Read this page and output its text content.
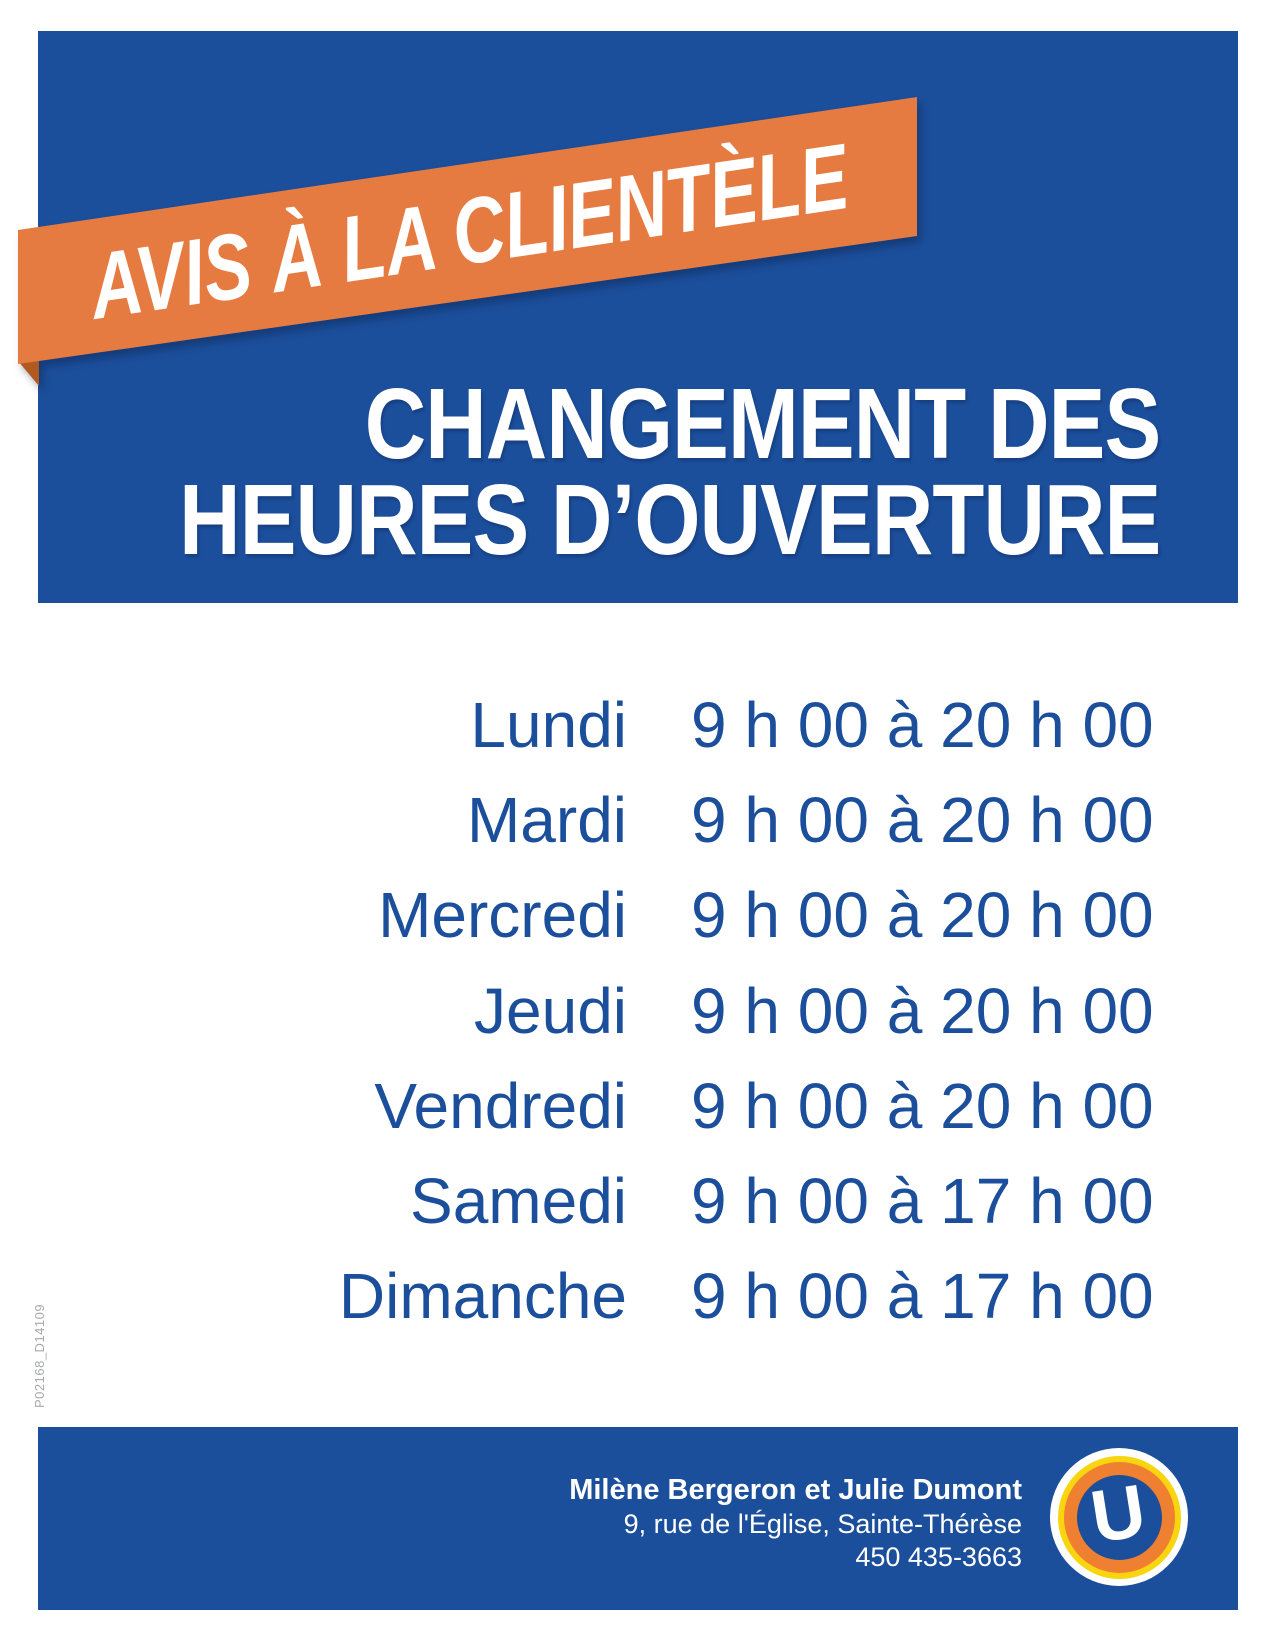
AVIS À LA CLIENTÈLE
CHANGEMENT DES
HEURES D’OUVERTURE
Lundi 9 h 00 à 20 h 00
Mardi 9 h 00 à 20 h 00
Mercredi 9 h 00 à 20 h 00
Jeudi 9 h 00 à 20 h 00
Vendredi 9 h 00 à 20 h 00
Samedi 9 h 00 à 17 h 00
Dimanche 9 h 00 à 17 h 00
P02168_D14109
Milène Bergeron et Julie Dumont
9, rue de l'Église, Sainte-Thérèse
450 435-3663 U
